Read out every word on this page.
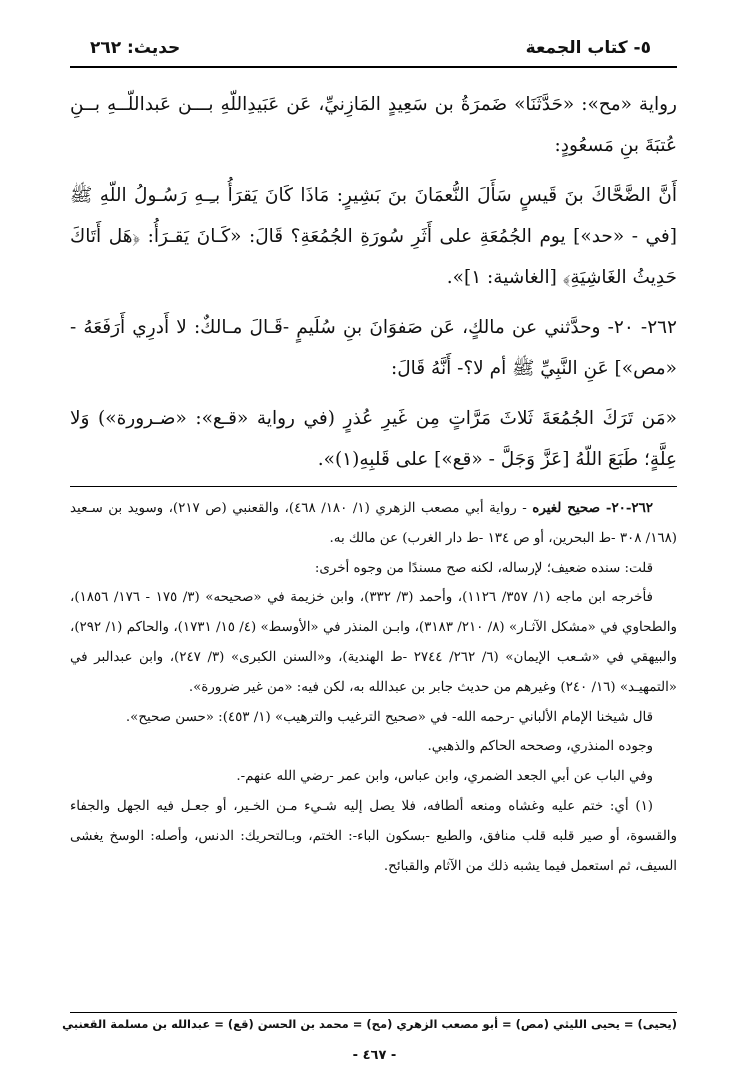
٥- كتاب الجمعة
حديث: ٢٦٢

رواية «مح»: «حَدَّثَنَا» ضَمرَةُ بن سَعِيدٍ المَازِنيِّ، عَن عَبَيدِاللّهِ بـــن عَبداللّــهِ بــنِ عُتبَةَ بنِ مَسعُودٍ:

أَنَّ الضَّحَّاكَ بنَ قَيسٍ سَأَلَ النُّعمَانَ بنَ بَشِيرٍ: مَاذَا كَانَ يَقرَأُ بـِـهِ رَسُـولُ اللّهِ ﷺ [في - «حد»] يوم الجُمُعَةِ على أَثَرِ سُورَةِ الجُمُعَةِ؟ قَالَ: «كَـانَ يَقـرَأُ: ﴿هَل أَتَاكَ حَدِيثُ الغَاشِيَةِ﴾ [الغاشية: ١]».

٢٦٢- ٢٠- وحدَّثني عن مالكٍ، عَن صَفوَانَ بنِ سُلَيمٍ -قَـالَ مـالكٌ: لا أَدرِي أَرَفَعَهُ - «مص»] عَنِ النَّبِيِّ ﷺ أم لا؟- أَنَّهُ قَالَ:

«مَن تَرَكَ الجُمُعَةَ ثَلاثَ مَرَّاتٍ مِن غَيرِ عُذرٍ (في رواية «قـع»: «ضـرورة») وَلا عِلَّةٍ؛ طَبَعَ اللّهُ [عَزَّ وَجَلَّ - «قع»] على قَلبِهِ(١)».

٢٦٢-٢٠- صحيح لغيره - رواية أبي مصعب الزهري (١/ ١٨٠/ ٤٦٨)، والقعنبي (ص ٢١٧)، وسويد بن سـعيد (١٦٨/ ٣٠٨ -ط البحرين، أو ص ١٣٤ -ط دار الغرب) عن مالك به.

قلت: سنده ضعيف؛ لإرساله، لكنه صح مسندًا من وجوه أخرى:

فأخرجه ابن ماجه (١/ ٣٥٧/ ١١٢٦)، وأحمد (٣/ ٣٣٢)، وابن خزيمة في «صحيحه» (٣/ ١٧٥ - ١٧٦/ ١٨٥٦)، والطحاوي في «مشكل الآثـار» (٨/ ٢١٠/ ٣١٨٣)، وابـن المنذر في «الأوسط» (٤/ ١٥/ ١٧٣١)، والحاكم (١/ ٢٩٢)، والبيهقي في «شـعب الإيمان» (٦/ ٢٦٢/ ٢٧٤٤ -ط الهندية)، و«السنن الكبرى» (٣/ ٢٤٧)، وابن عبدالبر في «التمهيـد» (١٦/ ٢٤٠) وغيرهم من حديث جابر بن عبدالله به، لكن فيه: «من غير ضرورة».

قال شيخنا الإمام الألباني -رحمه الله- في «صحيح الترغيب والترهيب» (١/ ٤٥٣): «حسن صحيح».

وجوده المنذري، وصححه الحاكم والذهبي.

وفي الباب عن أبي الجعد الضمري، وابن عباس، وابن عمر -رضي الله عنهم-.

(١) أي: ختم عليه وغشاه ومنعه ألطافه، فلا يصل إليه شـيء مـن الخـير، أو جعـل فيه الجهل والجفاء والقسوة، أو صير قلبه قلب منافق، والطبع -بسكون الباء-: الختم، وبـالتحريك: الدنس، وأصله: الوسخ يغشى السيف، ثم استعمل فيما يشبه ذلك من الآثام والقبائح.

(يحيى) = يحيى الليثي (مص) = أبو مصعب الزهري (مح) = محمد بن الحسن (قع) = عبدالله بن مسلمة القعنبي
- ٤٦٧ -
